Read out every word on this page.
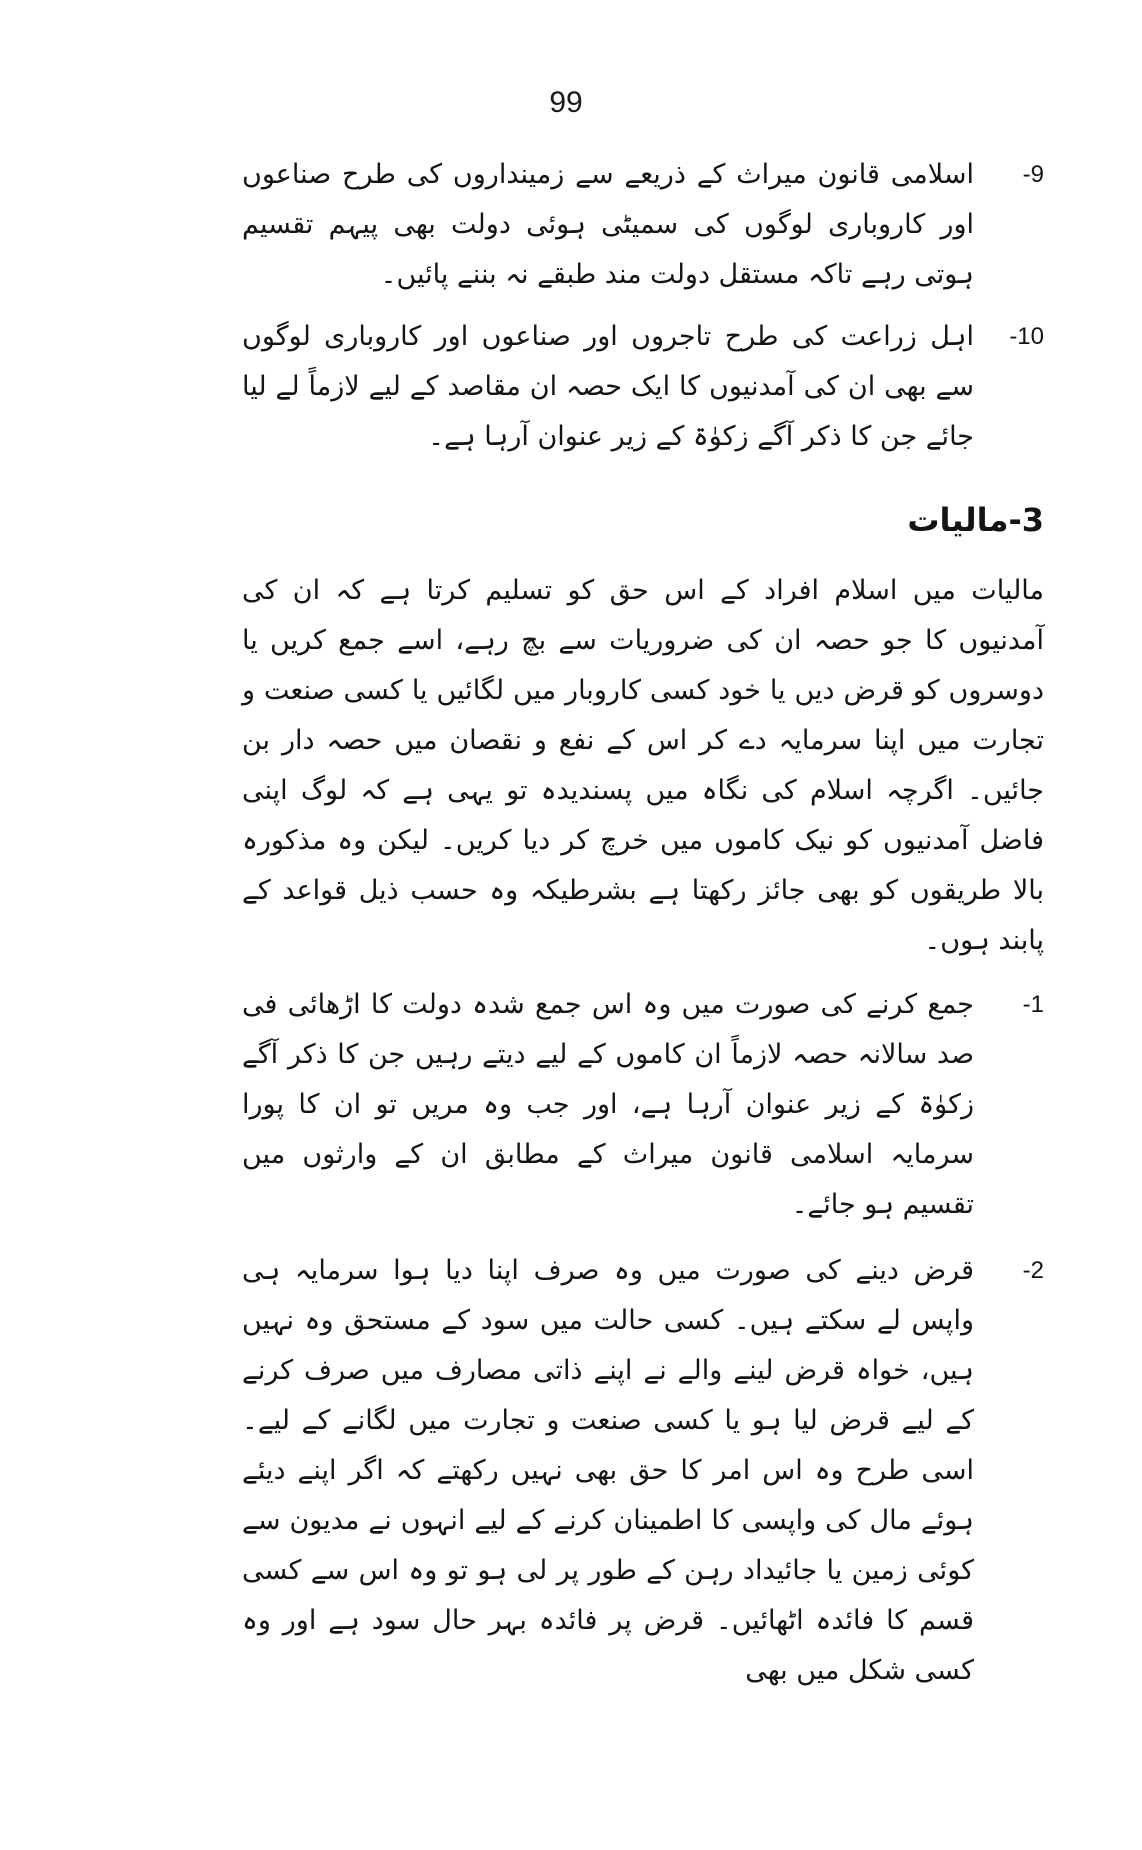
99
-9
اسلامی قانون میراث کے ذریعے سے زمینداروں کی طرح صناعوں اور کاروباری لوگوں کی سمیٹی ہوئی دولت بھی پیہم تقسیم ہوتی رہے تاکہ مستقل دولت مند طبقے نہ بننے پائیں۔
-10
اہل زراعت کی طرح تاجروں اور صناعوں اور کاروباری لوگوں سے بھی ان کی آمدنیوں کا ایک حصہ ان مقاصد کے لیے لازماً لے لیا جائے جن کا ذکر آگے زکوٰۃ کے زیر عنوان آرہا ہے۔
3-مالیات
مالیات میں اسلام افراد کے اس حق کو تسلیم کرتا ہے کہ ان کی آمدنیوں کا جو حصہ ان کی ضروریات سے بچ رہے، اسے جمع کریں یا دوسروں کو قرض دیں یا خود کسی کاروبار میں لگائیں یا کسی صنعت و تجارت میں اپنا سرمایہ دے کر اس کے نفع و نقصان میں حصہ دار بن جائیں۔ اگرچہ اسلام کی نگاہ میں پسندیدہ تو یہی ہے کہ لوگ اپنی فاضل آمدنیوں کو نیک کاموں میں خرچ کر دیا کریں۔ لیکن وہ مذکورہ بالا طریقوں کو بھی جائز رکھتا ہے بشرطیکہ وہ حسب ذیل قواعد کے پابند ہوں۔
-1
جمع کرنے کی صورت میں وہ اس جمع شدہ دولت کا اڑھائی فی صد سالانہ حصہ لازماً ان کاموں کے لیے دیتے رہیں جن کا ذکر آگے زکوٰۃ کے زیر عنوان آرہا ہے، اور جب وہ مریں تو ان کا پورا سرمایہ اسلامی قانون میراث کے مطابق ان کے وارثوں میں تقسیم ہو جائے۔
-2
قرض دینے کی صورت میں وہ صرف اپنا دیا ہوا سرمایہ ہی واپس لے سکتے ہیں۔ کسی حالت میں سود کے مستحق وہ نہیں ہیں، خواہ قرض لینے والے نے اپنے ذاتی مصارف میں صرف کرنے کے لیے قرض لیا ہو یا کسی صنعت و تجارت میں لگانے کے لیے۔ اسی طرح وہ اس امر کا حق بھی نہیں رکھتے کہ اگر اپنے دیئے ہوئے مال کی واپسی کا اطمینان کرنے کے لیے انہوں نے مدیون سے کوئی زمین یا جائیداد رہن کے طور پر لی ہو تو وہ اس سے کسی قسم کا فائدہ اٹھائیں۔ قرض پر فائدہ بہر حال سود ہے اور وہ کسی شکل میں بھی
